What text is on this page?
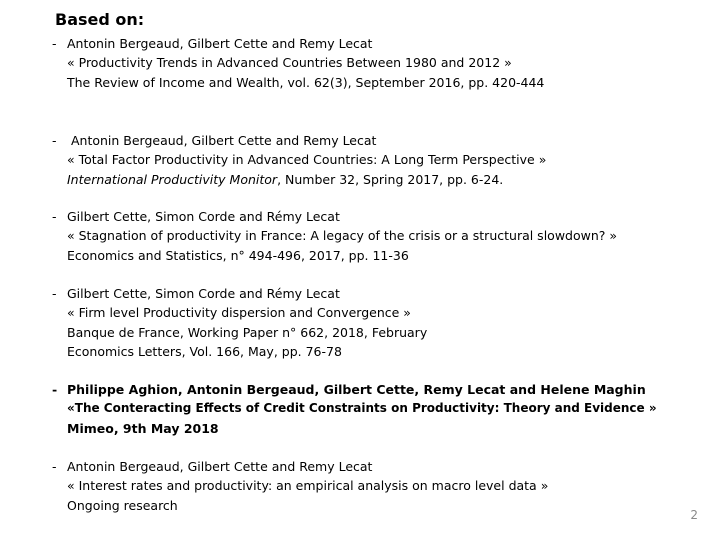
Based on:
- Antonin Bergeaud, Gilbert Cette and Remy Lecat
« Productivity Trends in Advanced Countries Between 1980 and 2012 »
The Review of Income and Wealth, vol. 62(3), September 2016, pp. 420-444
- Antonin Bergeaud, Gilbert Cette and Remy Lecat
« Total Factor Productivity in Advanced Countries: A Long Term Perspective »
International Productivity Monitor, Number 32, Spring 2017, pp. 6-24.
- Gilbert Cette, Simon Corde and Rémy Lecat
« Stagnation of productivity in France: A legacy of the crisis or a structural slowdown? »
Economics and Statistics, n° 494-496, 2017, pp. 11-36
- Gilbert Cette, Simon Corde and Rémy Lecat
« Firm level Productivity dispersion and Convergence »
Banque de France, Working Paper n° 662, 2018, February
Economics Letters, Vol. 166, May, pp. 76-78
- Philippe Aghion, Antonin Bergeaud, Gilbert Cette, Remy Lecat and Helene Maghin
«The Conteracting Effects of Credit Constraints on Productivity: Theory and Evidence »
Mimeo, 9th May 2018
- Antonin Bergeaud, Gilbert Cette and Remy Lecat
« Interest rates and productivity: an empirical analysis on macro level data »
Ongoing research
2
